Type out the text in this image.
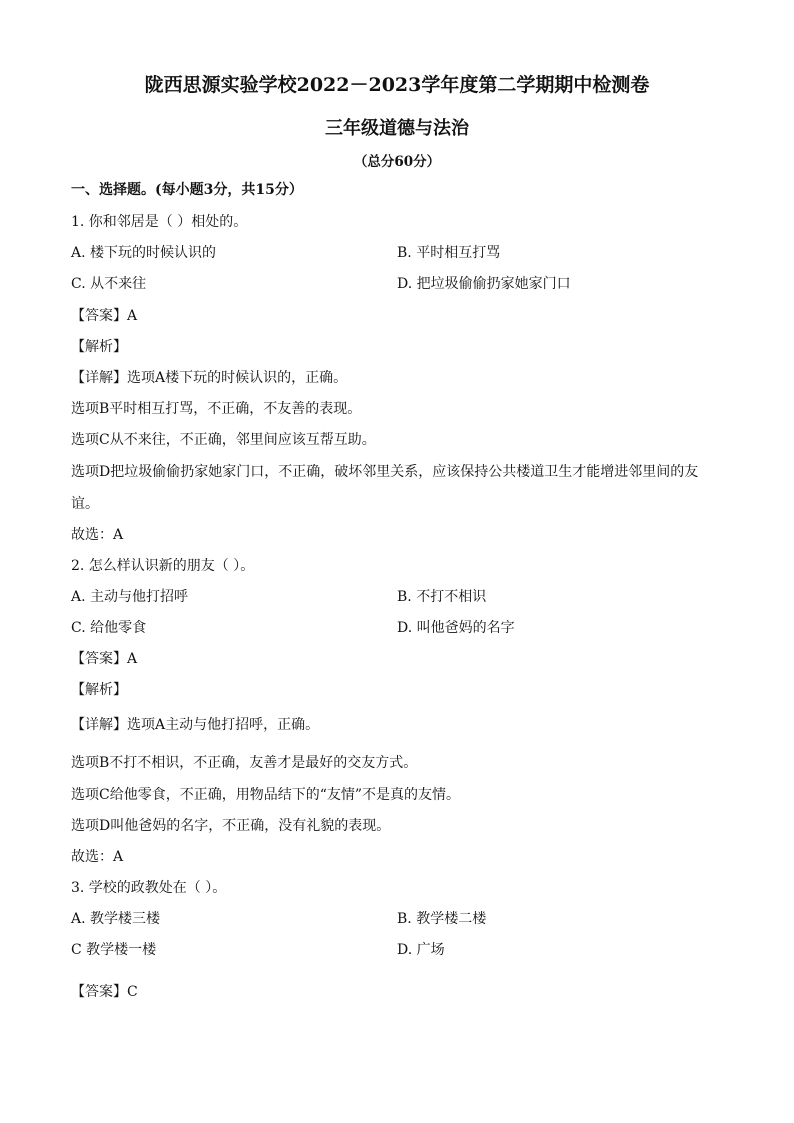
陇西思源实验学校2022－2023学年度第二学期期中检测卷
三年级道德与法治
（总分60分）
一、选择题。(每小题3分，共15分）
1. 你和邻居是（ ）相处的。
A. 楼下玩的时候认识的	B. 平时相互打骂
C. 从不来往	D. 把垃圾偷偷扔家她家门口
【答案】A
【解析】
【详解】选项A楼下玩的时候认识的，正确。
选项B平时相互打骂，不正确，不友善的表现。
选项C从不来往，不正确，邻里间应该互帮互助。
选项D把垃圾偷偷扔家她家门口，不正确，破坏邻里关系，应该保持公共楼道卫生才能增进邻里间的友
谊。
故选：A
2. 怎么样认识新的朋友（ ）。
A. 主动与他打招呼	B. 不打不相识
C. 给他零食	D. 叫他爸妈的名字
【答案】A
【解析】
【详解】选项A主动与他打招呼，正确。
选项B不打不相识，不正确，友善才是最好的交友方式。
选项C给他零食，不正确，用物品结下的“友情”不是真的友情。
选项D叫他爸妈的名字，不正确，没有礼貌的表现。
故选：A
3. 学校的政教处在（ ）。
A. 教学楼三楼	B. 教学楼二楼
C 教学楼一楼	D. 广场
【答案】C
